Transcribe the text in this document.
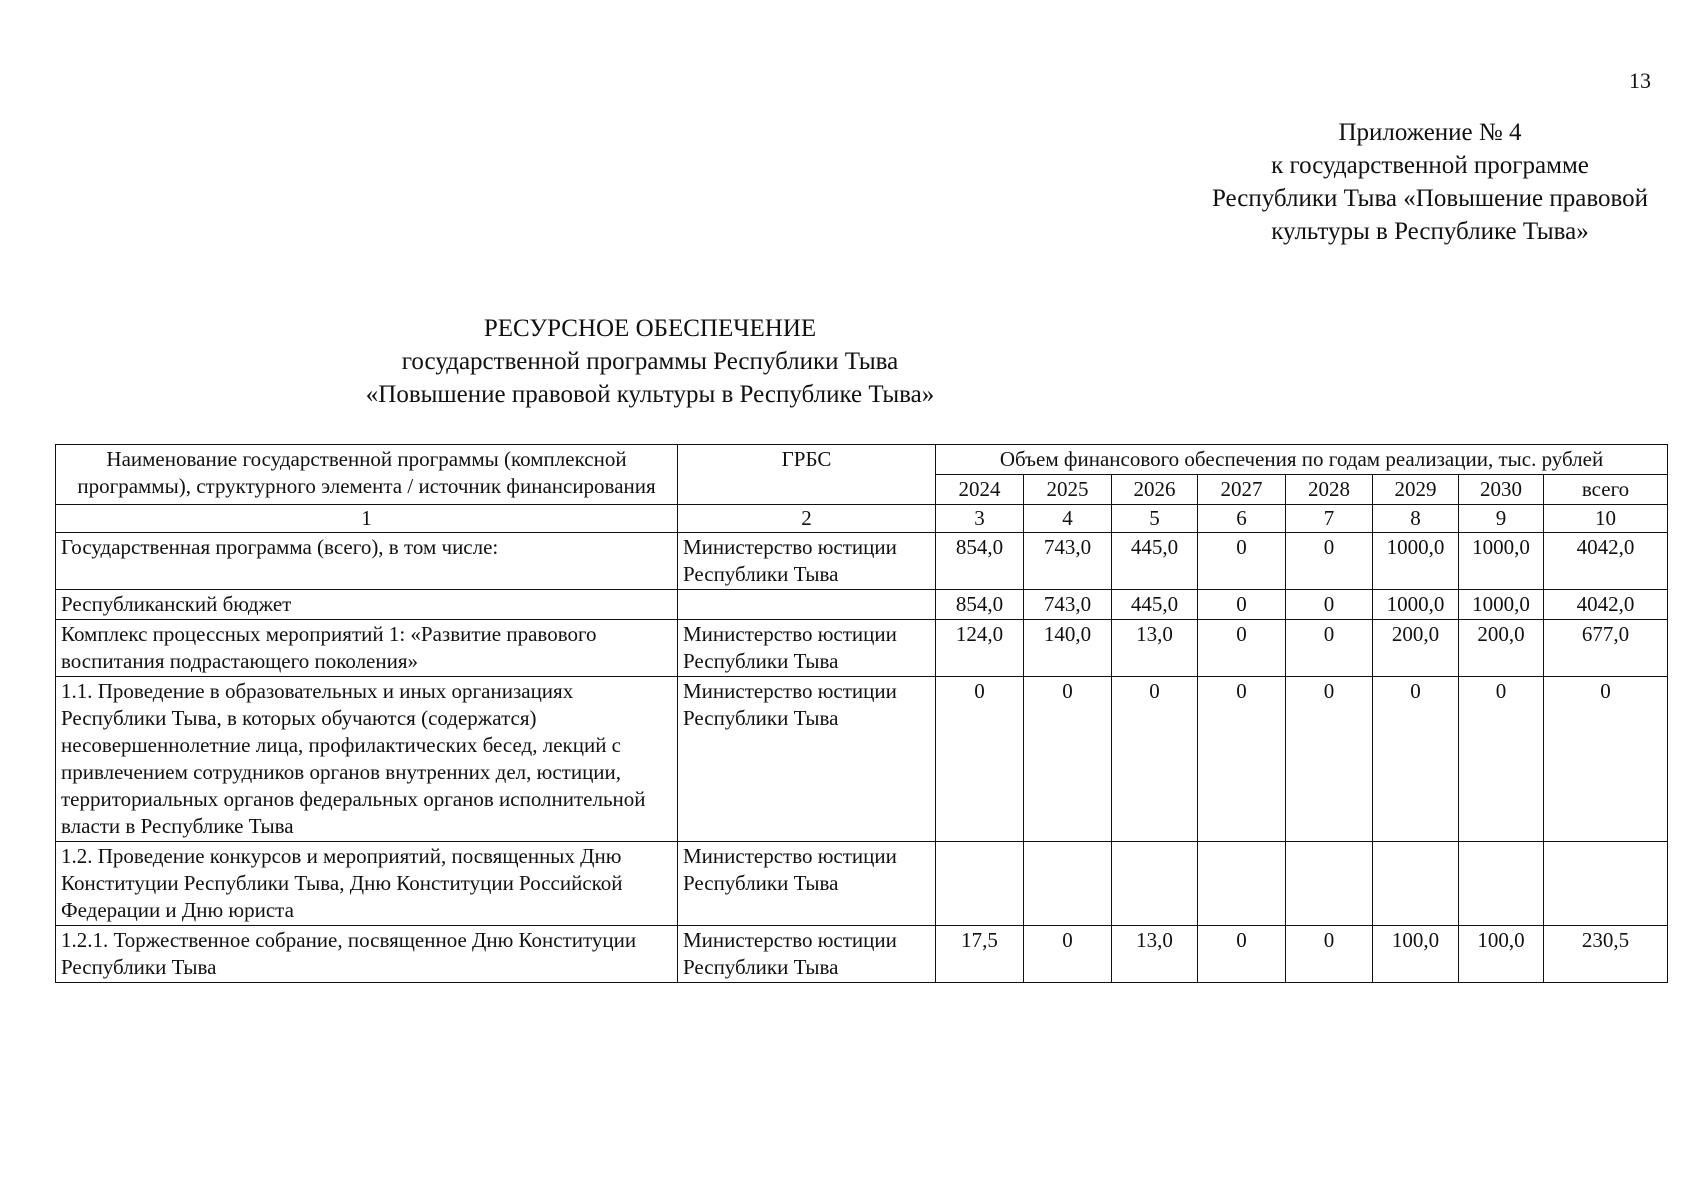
13
Приложение № 4
к государственной программе
Республики Тыва «Повышение правовой
культуры в Республике Тыва»
РЕСУРСНОЕ ОБЕСПЕЧЕНИЕ
государственной программы Республики Тыва
«Повышение правовой культуры в Республике Тыва»
Наименование государственной программы (комплексной программы), структурного элемента / источник финансирования	ГРБС	Объем финансового обеспечения по годам реализации, тыс. рублей							
		2024	2025	2026	2027	2028	2029	2030	всего
1	2	3	4	5	6	7	8	9	10
Государственная программа (всего), в том числе:	Министерство юстиции Республики Тыва	854,0	743,0	445,0	0	0	1000,0	1000,0	4042,0
Республиканский бюджет		854,0	743,0	445,0	0	0	1000,0	1000,0	4042,0
Комплекс процессных мероприятий 1: «Развитие правового воспитания подрастающего поколения»	Министерство юстиции Республики Тыва	124,0	140,0	13,0	0	0	200,0	200,0	677,0
1.1. Проведение в образовательных и иных организациях Республики Тыва, в которых обучаются (содержатся) несовершеннолетние лица, профилактических бесед, лекций с привлечением сотрудников органов внутренних дел, юстиции, территориальных органов федеральных органов исполнительной власти в Республике Тыва	Министерство юстиции Республики Тыва	0	0	0	0	0	0	0	0
1.2. Проведение конкурсов и мероприятий, посвященных Дню Конституции Республики Тыва, Дню Конституции Российской Федерации и Дню юриста	Министерство юстиции Республики Тыва								
1.2.1. Торжественное собрание, посвященное Дню Конституции Республики Тыва	Министерство юстиции Республики Тыва	17,5	0	13,0	0	0	100,0	100,0	230,5
